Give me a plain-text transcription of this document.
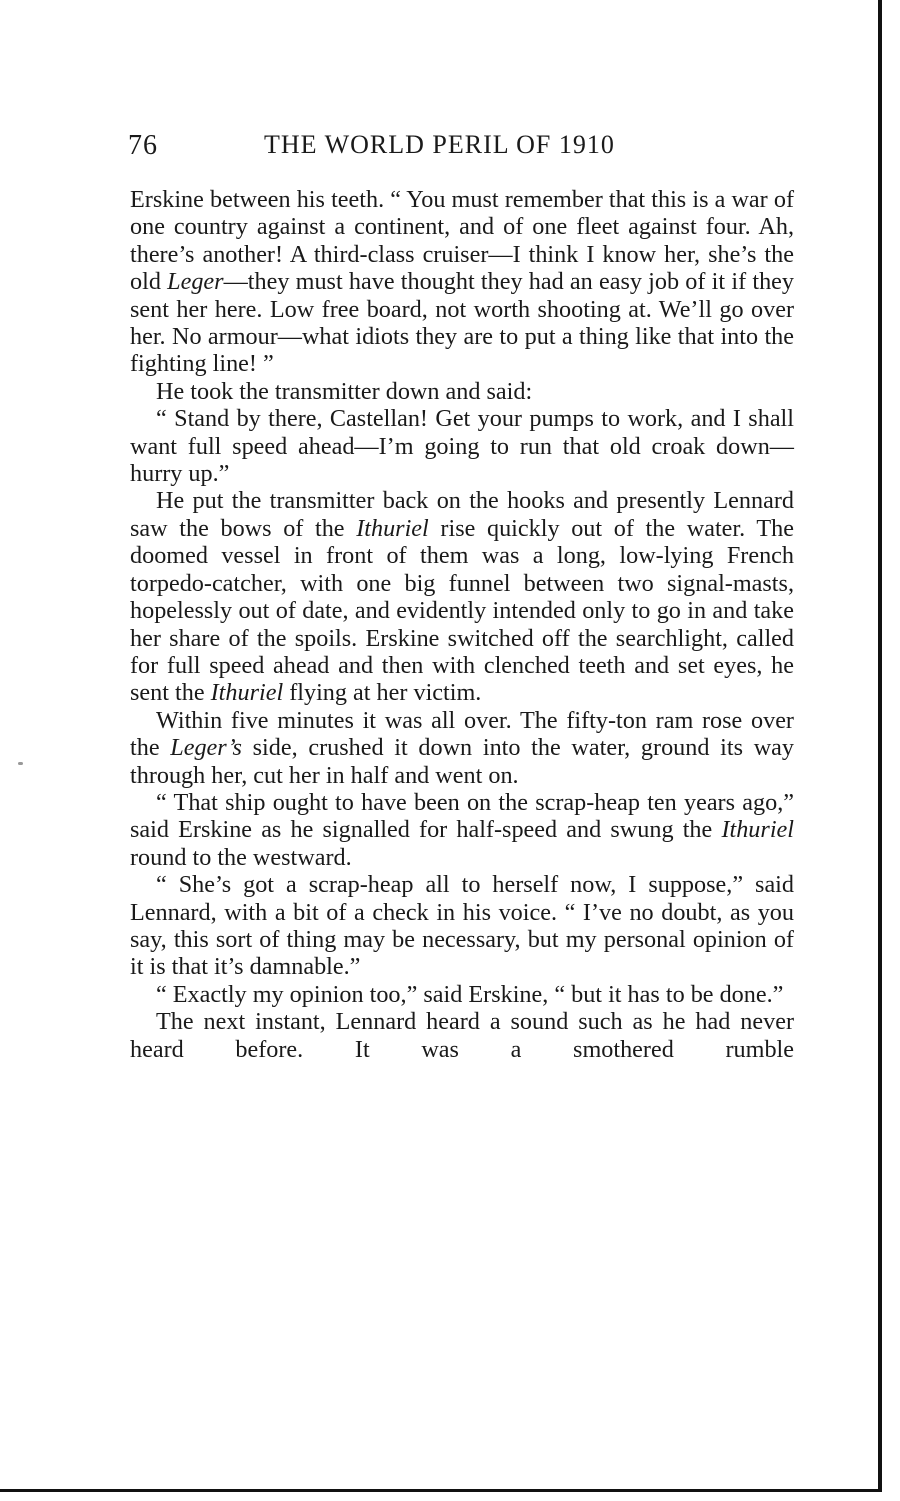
76	THE WORLD PERIL OF 1910

Erskine between his teeth. “ You must remember that this is a war of one country against a continent, and of one fleet against four. Ah, there’s another! A third-class cruiser—I think I know her, she’s the old Leger—they must have thought they had an easy job of it if they sent her here. Low free board, not worth shooting at. We’ll go over her. No armour—what idiots they are to put a thing like that into the fighting line! ”

He took the transmitter down and said:

“ Stand by there, Castellan! Get your pumps to work, and I shall want full speed ahead—I’m going to run that old croak down—hurry up.”

He put the transmitter back on the hooks and presently Lennard saw the bows of the Ithuriel rise quickly out of the water. The doomed vessel in front of them was a long, low-lying French torpedo-catcher, with one big funnel between two signal-masts, hopelessly out of date, and evidently intended only to go in and take her share of the spoils. Erskine switched off the searchlight, called for full speed ahead and then with clenched teeth and set eyes, he sent the Ithuriel flying at her victim.

Within five minutes it was all over. The fifty-ton ram rose over the Leger’s side, crushed it down into the water, ground its way through her, cut her in half and went on.

“ That ship ought to have been on the scrap-heap ten years ago,” said Erskine as he signalled for half-speed and swung the Ithuriel round to the westward.

“ She’s got a scrap-heap all to herself now, I suppose,” said Lennard, with a bit of a check in his voice. “ I’ve no doubt, as you say, this sort of thing may be necessary, but my personal opinion of it is that it’s damnable.”

“ Exactly my opinion too,” said Erskine, “ but it has to be done.”

The next instant, Lennard heard a sound such as he had never heard before. It was a smothered rumble
